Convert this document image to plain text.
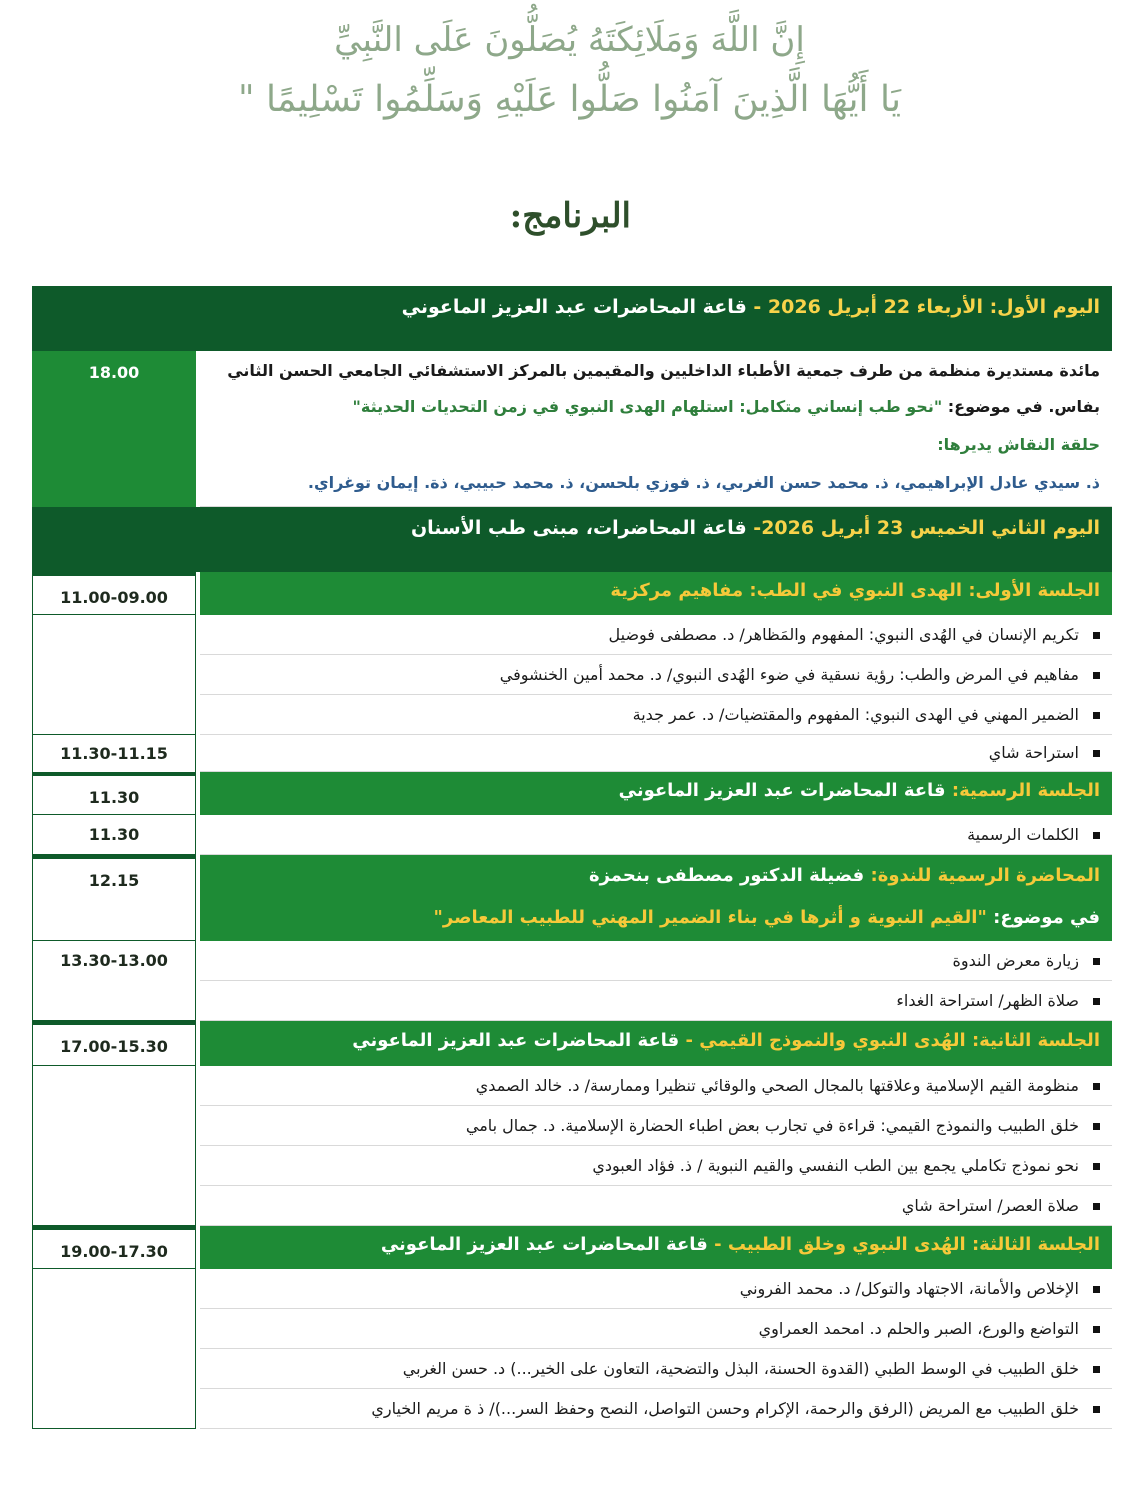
إِنَّ اللَّهَ وَمَلَائِكَتَهُ يُصَلُّونَ عَلَى النَّبِيِّ
يَا أَيُّهَا الَّذِينَ آمَنُوا صَلُّوا عَلَيْهِ وَسَلِّمُوا تَسْلِيمًا "
البرنامج:
اليوم الأول: الأربعاء 22 أبريل 2026 - قاعة المحاضرات عبد العزيز الماعوني
18.00	مائدة مستديرة منظمة من طرف جمعية الأطباء الداخليين والمقيمين بالمركز الاستشفائي الجامعي الحسن الثاني
بفاس. في موضوع: "نحو طب إنساني متكامل: استلهام الهدى النبوي في زمن التحديات الحديثة"
حلقة النقاش يديرها:
ذ. سيدي عادل الإبراهيمي، ذ. محمد حسن الغربي، ذ. فوزي بلحسن، ذ. محمد حبيبي، ذة. إيمان توغراي.
اليوم الثاني الخميس 23 أبريل 2026- قاعة المحاضرات، مبنى طب الأسنان
11.00-09.00	الجلسة الأولى: الهدى النبوي في الطب: مفاهيم مركزية
تكريم الإنسان في الهُدى النبوي: المفهوم والمَظاهر/ د. مصطفى فوضيل
مفاهيم في المرض والطب: رؤية نسقية في ضوء الهُدى النبوي/ د. محمد أمين الخنشوفي
الضمير المهني في الهدى النبوي: المفهوم والمقتضيات/ د. عمر جدية
11.30-11.15	استراحة شاي
11.30	الجلسة الرسمية: قاعة المحاضرات عبد العزيز الماعوني
11.30	الكلمات الرسمية
12.15	المحاضرة الرسمية للندوة: فضيلة الدكتور مصطفى بنحمزة
في موضوع: "القيم النبوية و أثرها في بناء الضمير المهني للطبيب المعاصر"
13.30-13.00	زيارة معرض الندوة
صلاة الظهر/ استراحة الغداء
17.00-15.30	الجلسة الثانية: الهُدى النبوي والنموذج القيمي - قاعة المحاضرات عبد العزيز الماعوني
منظومة القيم الإسلامية وعلاقتها بالمجال الصحي والوقائي تنظيرا وممارسة/ د. خالد الصمدي
خلق الطبيب والنموذج القيمي: قراءة في تجارب بعض اطباء الحضارة الإسلامية. د. جمال بامي
نحو نموذج تكاملي يجمع بين الطب النفسي والقيم النبوية / ذ. فؤاد العبودي
صلاة العصر/ استراحة شاي
19.00-17.30	الجلسة الثالثة: الهُدى النبوي وخلق الطبيب - قاعة المحاضرات عبد العزيز الماعوني
الإخلاص والأمانة، الاجتهاد والتوكل/ د. محمد الفروني
التواضع والورع، الصبر والحلم د. امحمد العمراوي
خلق الطبيب في الوسط الطبي (القدوة الحسنة، البذل والتضحية، التعاون على الخير...) د. حسن الغربي
خلق الطبيب مع المريض (الرفق والرحمة، الإكرام وحسن التواصل، النصح وحفظ السر...)/ ذ ة مريم الخياري
